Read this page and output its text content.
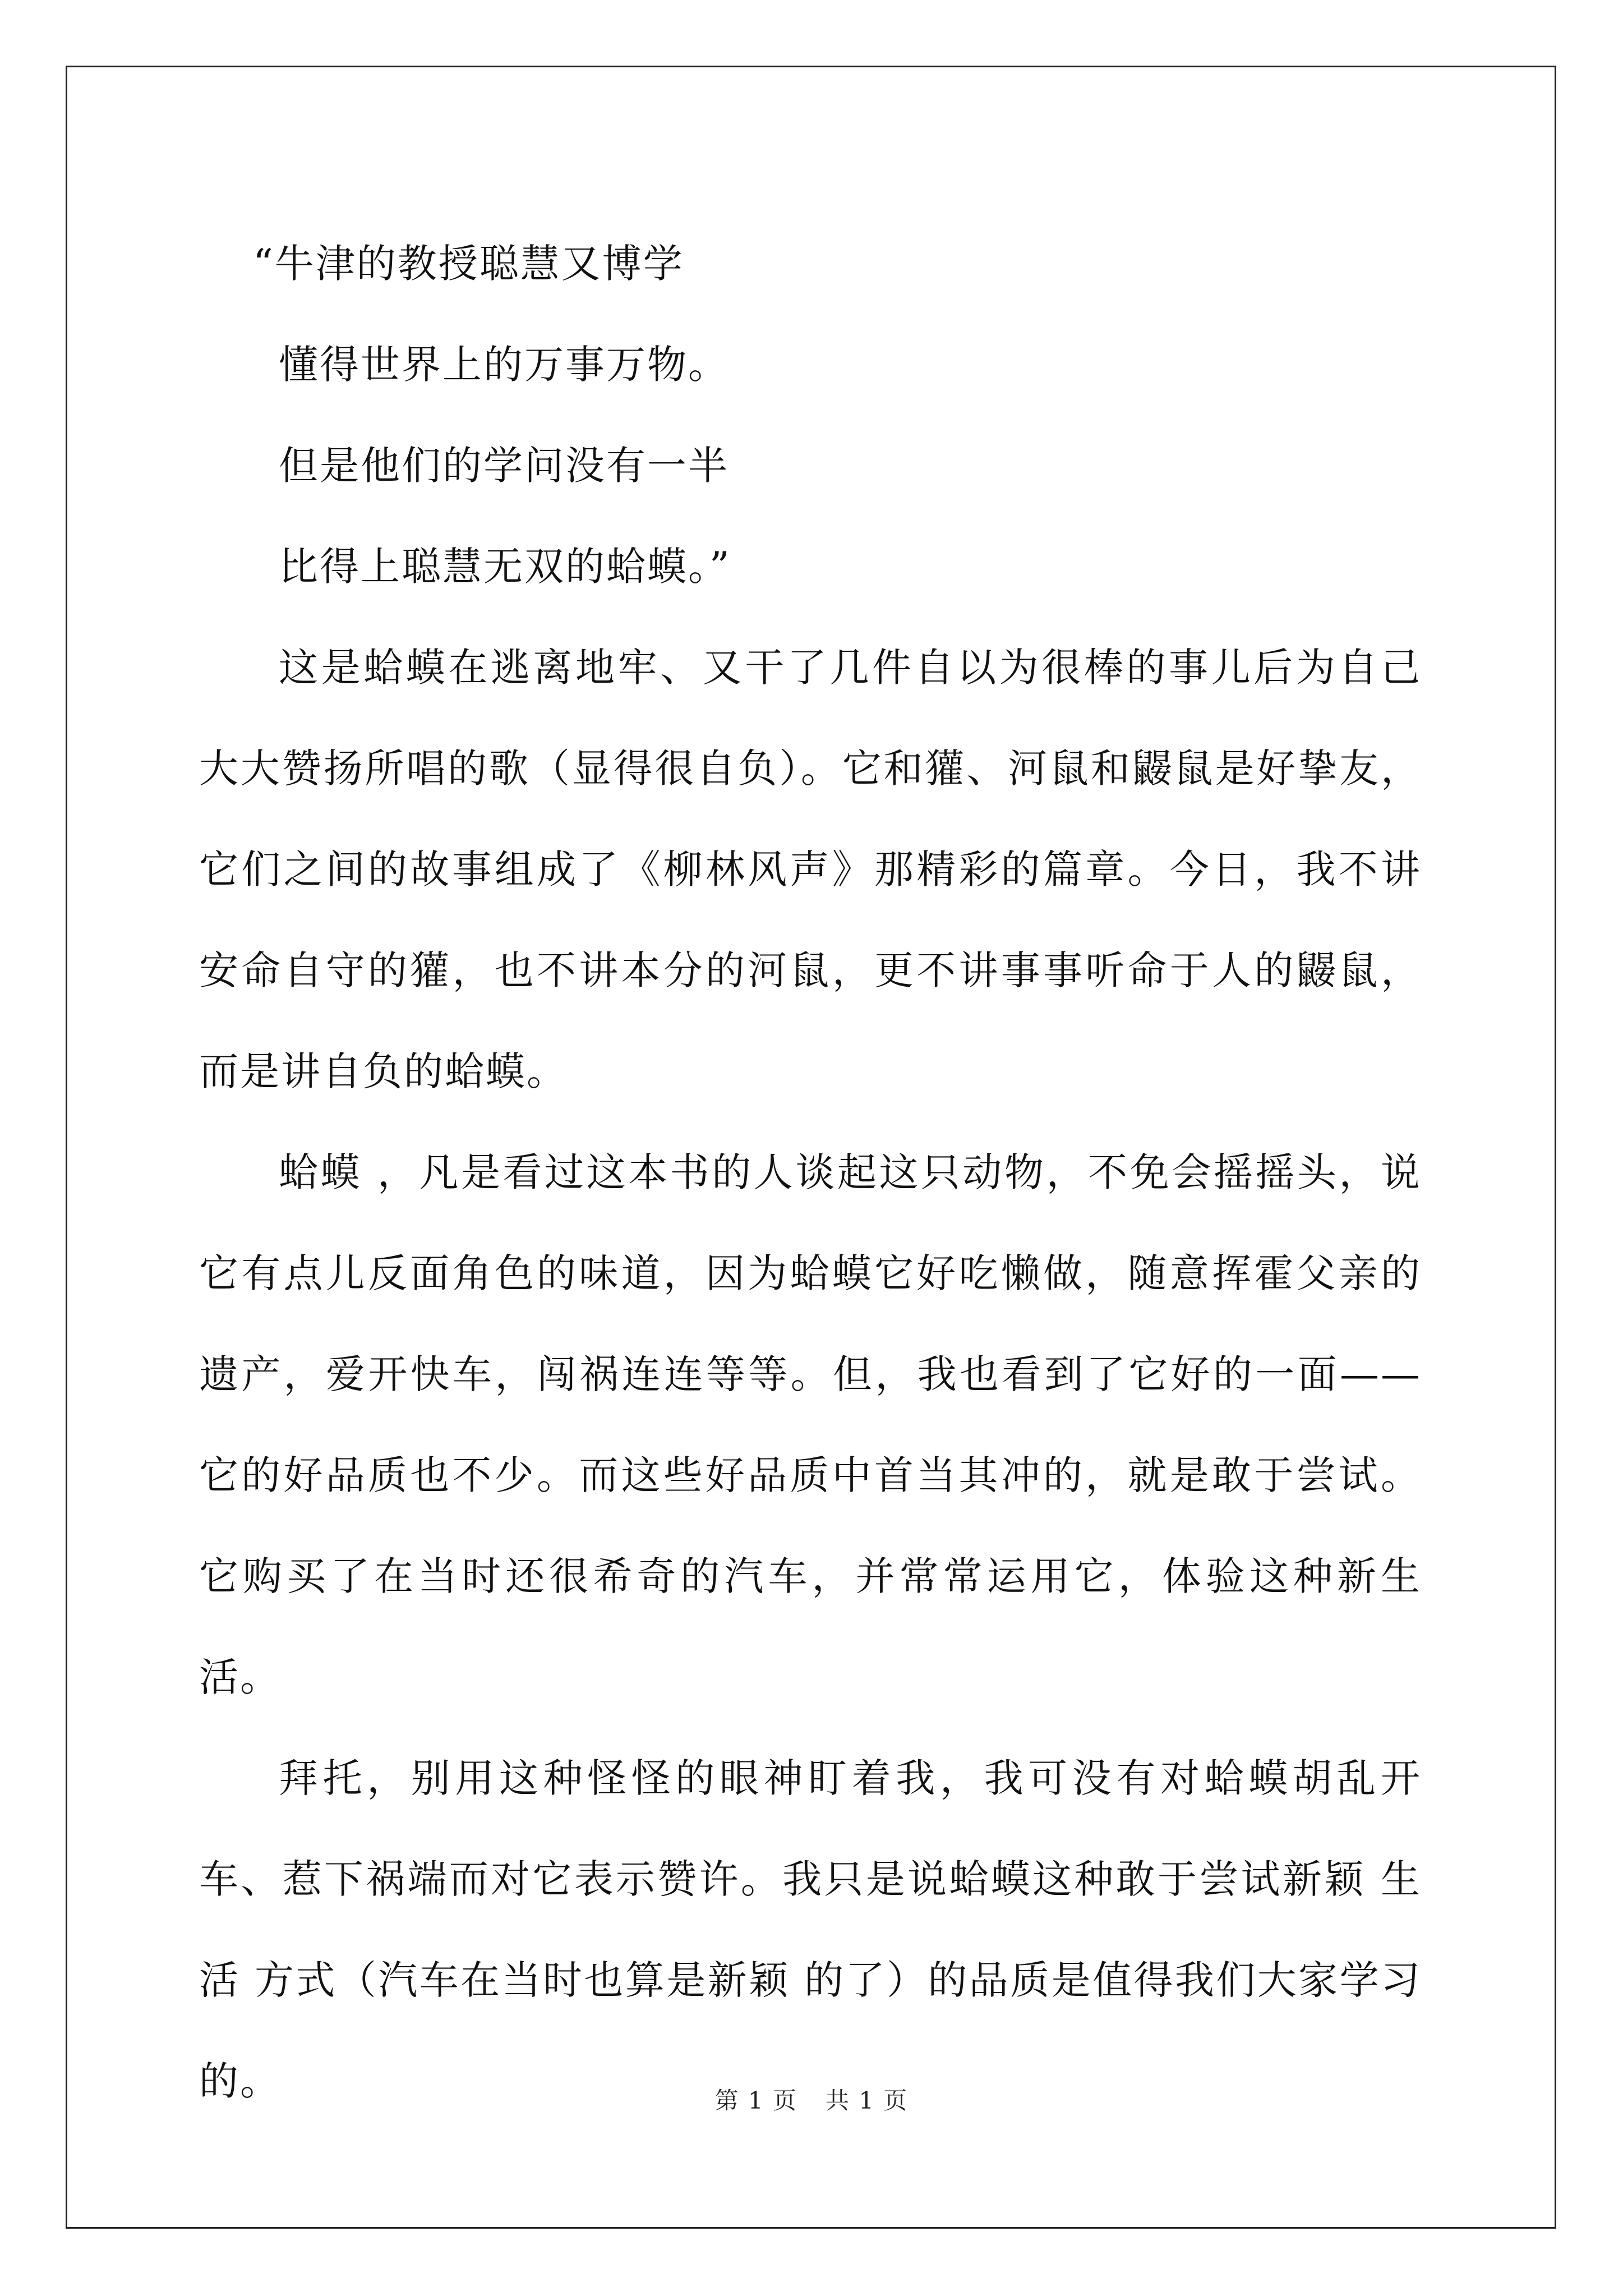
“牛津的教授聪慧又博学
懂得世界上的万事万物。
但是他们的学问没有一半
比得上聪慧无双的蛤蟆。”

这是蛤蟆在逃离地牢、又干了几件自以为很棒的事儿后为自己大大赞扬所唱的歌（显得很自负）。它和獾、河鼠和鼹鼠是好挚友，它们之间的故事组成了《柳林风声》那精彩的篇章。今日，我不讲安命自守的獾，也不讲本分的河鼠，更不讲事事听命于人的鼹鼠，而是讲自负的蛤蟆。

蛤蟆 ，凡是看过这本书的人谈起这只动物，不免会摇摇头，说它有点儿反面角色的味道，因为蛤蟆它好吃懒做，随意挥霍父亲的遗产，爱开快车，闯祸连连等等。但，我也看到了它好的一面——它的好品质也不少。而这些好品质中首当其冲的，就是敢于尝试。它购买了在当时还很希奇的汽车，并常常运用它，体验这种新生活。

拜托，别用这种怪怪的眼神盯着我，我可没有对蛤蟆胡乱开车、惹下祸端而对它表示赞许。我只是说蛤蟆这种敢于尝试新颖 生 活 方式（汽车在当时也算是新颖 的了）的品质是值得我们大家学习的。	第 1 页 共 1 页
